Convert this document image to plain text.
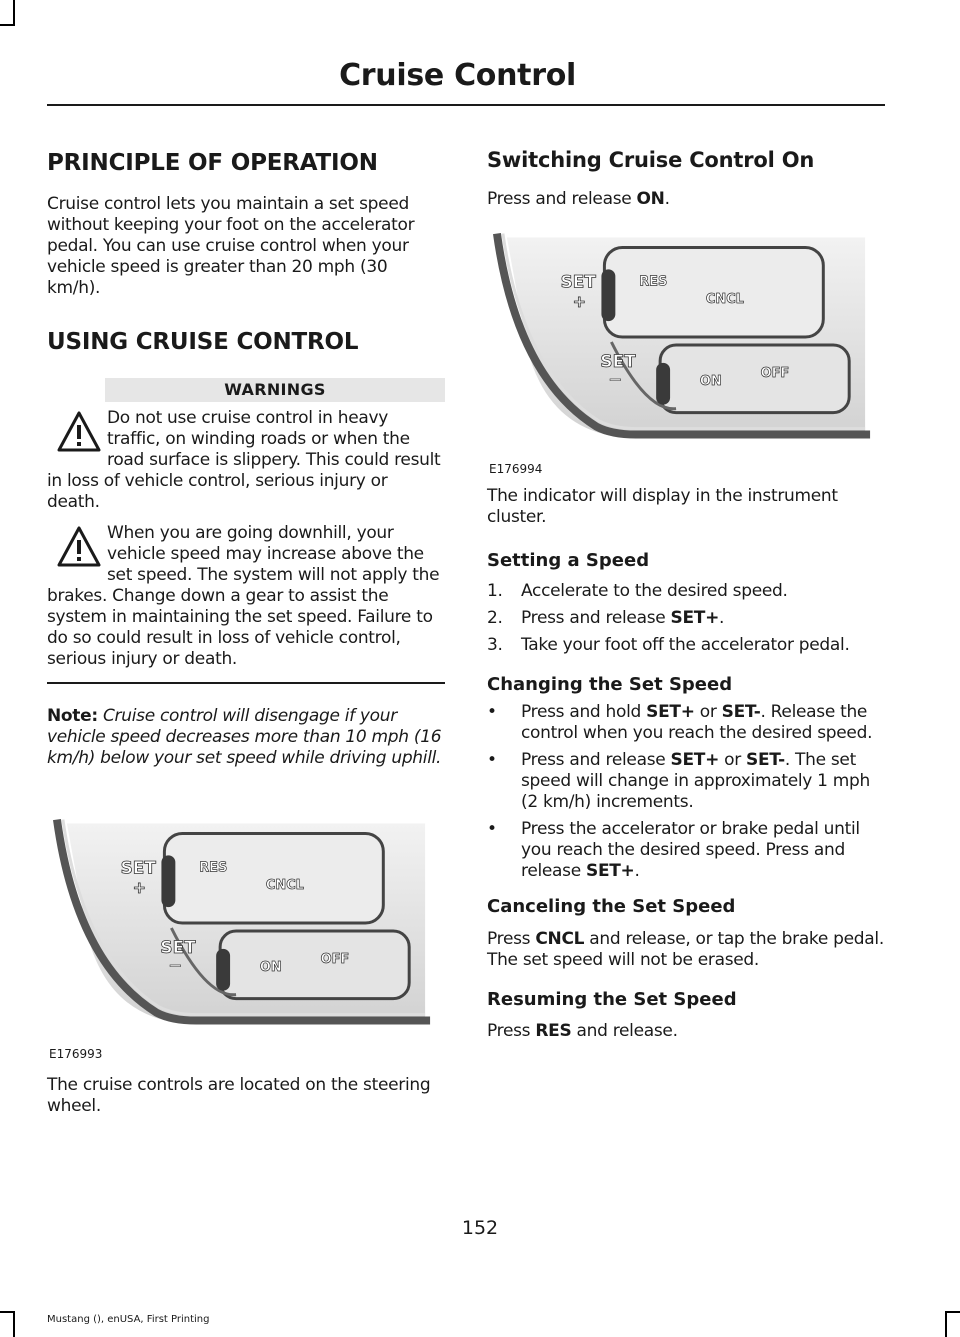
Cruise Control
PRINCIPLE OF OPERATION

Cruise control lets you maintain a set speed without keeping your foot on the accelerator pedal. You can use cruise control when your vehicle speed is greater than 20 mph (30 km/h).

USING CRUISE CONTROL
WARNINGS
Do not use cruise control in heavy traffic, on winding roads or when the road surface is slippery. This could result in loss of vehicle control, serious injury or death.
When you are going downhill, your vehicle speed may increase above the set speed. The system will not apply the brakes. Change down a gear to assist the system in maintaining the set speed. Failure to do so could result in loss of vehicle control, serious injury or death.

Note: Cruise control will disengage if your vehicle speed decreases more than 10 mph (16 km/h) below your set speed while driving uphill.

SET
+
RES
CNCL
SET
—	ON
OFF
E176993

The cruise controls are located on the steering wheel.

Switching Cruise Control On

Press and release ON.

SET
+
RES
CNCL
SET
—	ON
OFF
E176994

The indicator will display in the instrument cluster.

Setting a Speed
1. Accelerate to the desired speed.
2. Press and release SET+.
3. Take your foot off the accelerator pedal.
Changing the Set Speed
• Press and hold SET+ or SET-. Release the control when you reach the desired speed.
• Press and release SET+ or SET-. The set speed will change in approximately 1 mph (2 km/h) increments.
• Press the accelerator or brake pedal until you reach the desired speed. Press and release SET+.
Canceling the Set Speed

Press CNCL and release, or tap the brake pedal. The set speed will not be erased.

Resuming the Set Speed

Press RES and release.

152
Mustang (), enUSA, First Printing
